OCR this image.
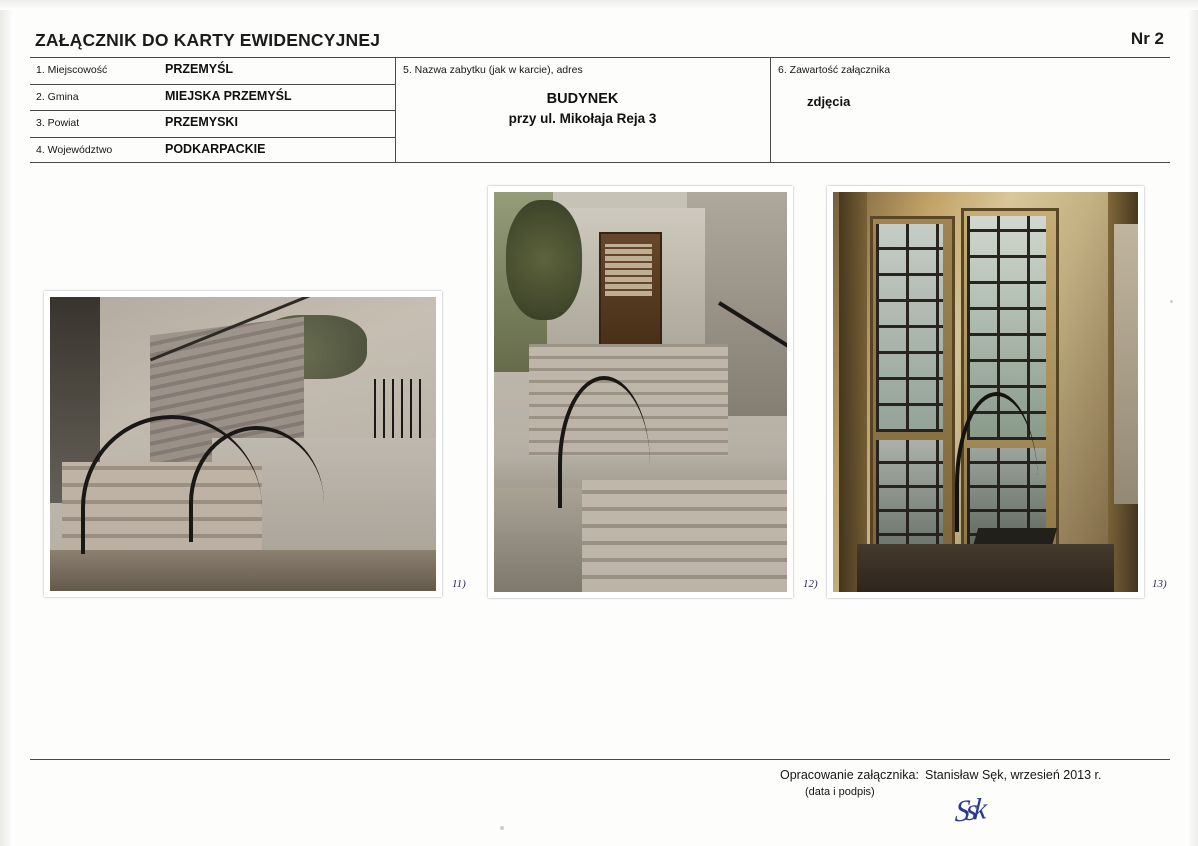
ZAŁĄCZNIK DO KARTY EWIDENCYJNEJ	Nr 2
1. Miejscowość	PRZEMYŚL
2. Gmina	MIEJSKA PRZEMYŚL
3. Powiat	PRZEMYSKI
4. Województwo	PODKARPACKIE
5. Nazwa zabytku (jak w karcie), adres
BUDYNEK
przy ul. Mikołaja Reja 3
6. Zawartość załącznika
zdjęcia
11)	12)	13)
Opracowanie załącznika:
(data i podpis)
Stanisław Sęk, wrzesień 2013 r.
Ssk
